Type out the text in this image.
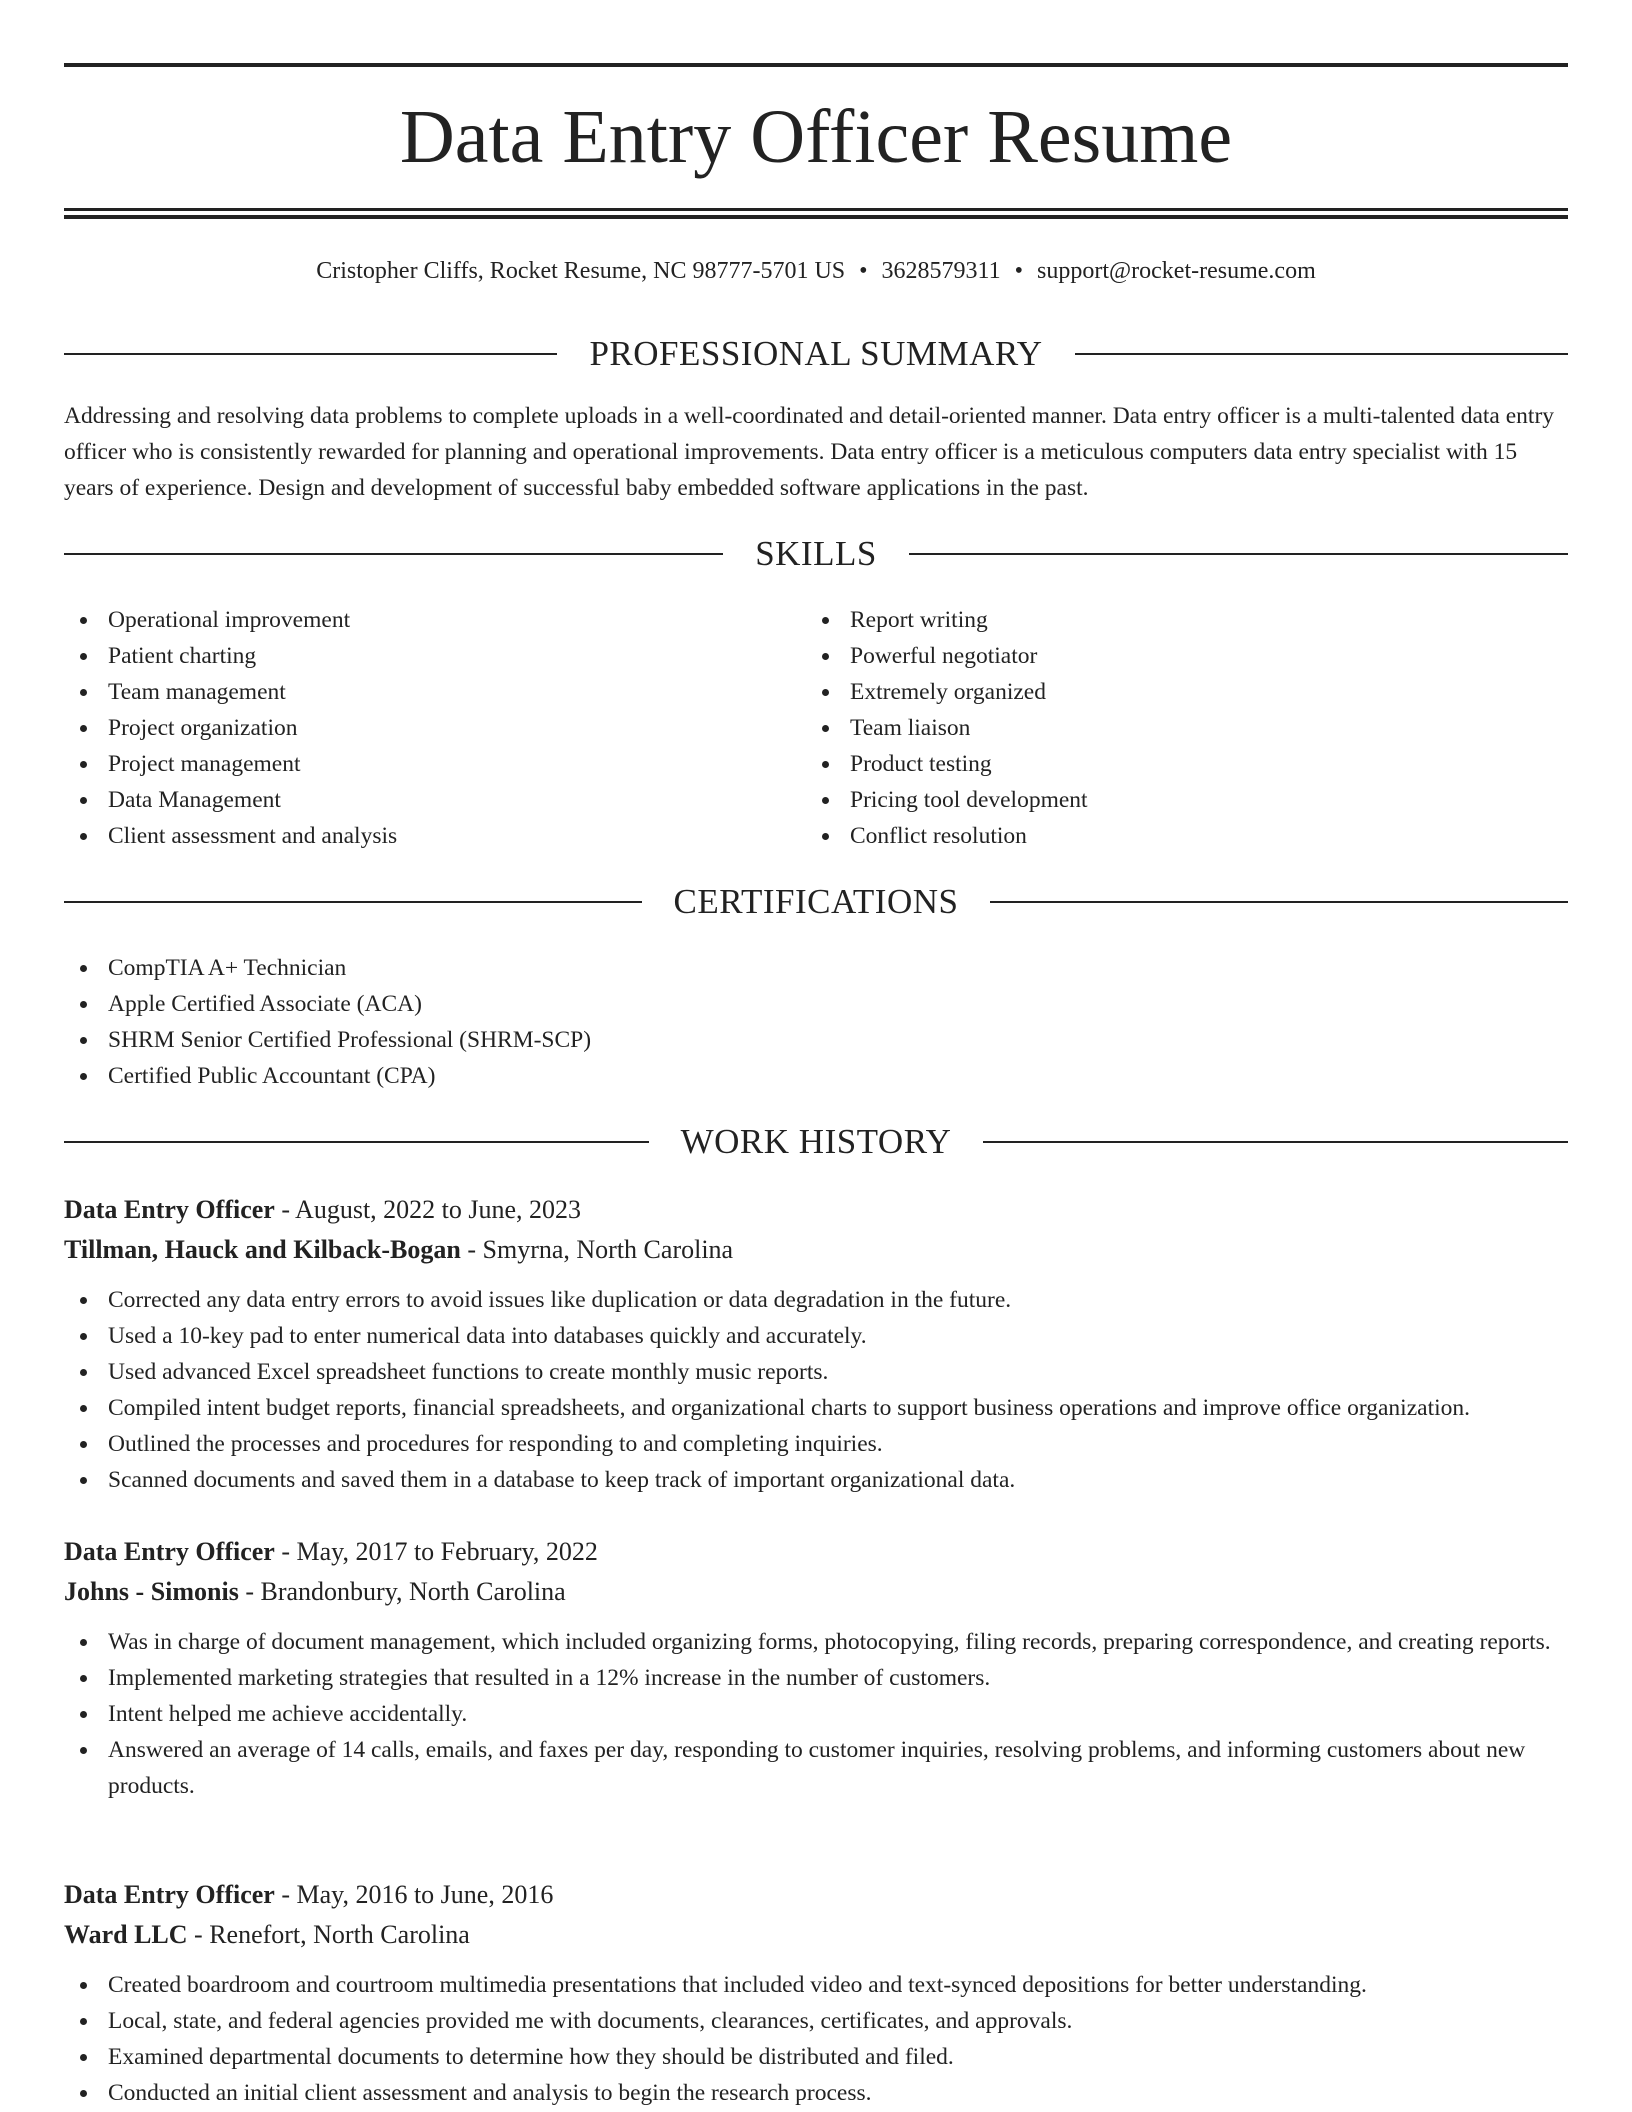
Data Entry Officer Resume
Cristopher Cliffs, Rocket Resume, NC 98777-5701 US • 3628579311 • support@rocket-resume.com
PROFESSIONAL SUMMARY

Addressing and resolving data problems to complete uploads in a well-coordinated and detail-oriented manner. Data entry officer is a multi-talented data entry officer who is consistently rewarded for planning and operational improvements. Data entry officer is a meticulous computers data entry specialist with 15 years of experience. Design and development of successful baby embedded software applications in the past.

SKILLS
Operational improvement
Patient charting
Team management
Project organization
Project management
Data Management
Client assessment and analysis
Report writing
Powerful negotiator
Extremely organized
Team liaison
Product testing
Pricing tool development
Conflict resolution
CERTIFICATIONS
CompTIA A+ Technician
Apple Certified Associate (ACA)
SHRM Senior Certified Professional (SHRM-SCP)
Certified Public Accountant (CPA)
WORK HISTORY
Data Entry Officer - August, 2022 to June, 2023
Tillman, Hauck and Kilback-Bogan - Smyrna, North Carolina
Corrected any data entry errors to avoid issues like duplication or data degradation in the future.
Used a 10-key pad to enter numerical data into databases quickly and accurately.
Used advanced Excel spreadsheet functions to create monthly music reports.
Compiled intent budget reports, financial spreadsheets, and organizational charts to support business operations and improve office organization.
Outlined the processes and procedures for responding to and completing inquiries.
Scanned documents and saved them in a database to keep track of important organizational data.
Data Entry Officer - May, 2017 to February, 2022
Johns - Simonis - Brandonbury, North Carolina
Was in charge of document management, which included organizing forms, photocopying, filing records, preparing correspondence, and creating reports.
Implemented marketing strategies that resulted in a 12% increase in the number of customers.
Intent helped me achieve accidentally.
Answered an average of 14 calls, emails, and faxes per day, responding to customer inquiries, resolving problems, and informing customers about new products.
Data Entry Officer - May, 2016 to June, 2016
Ward LLC - Renefort, North Carolina
Created boardroom and courtroom multimedia presentations that included video and text-synced depositions for better understanding.
Local, state, and federal agencies provided me with documents, clearances, certificates, and approvals.
Examined departmental documents to determine how they should be distributed and filed.
Conducted an initial client assessment and analysis to begin the research process.
